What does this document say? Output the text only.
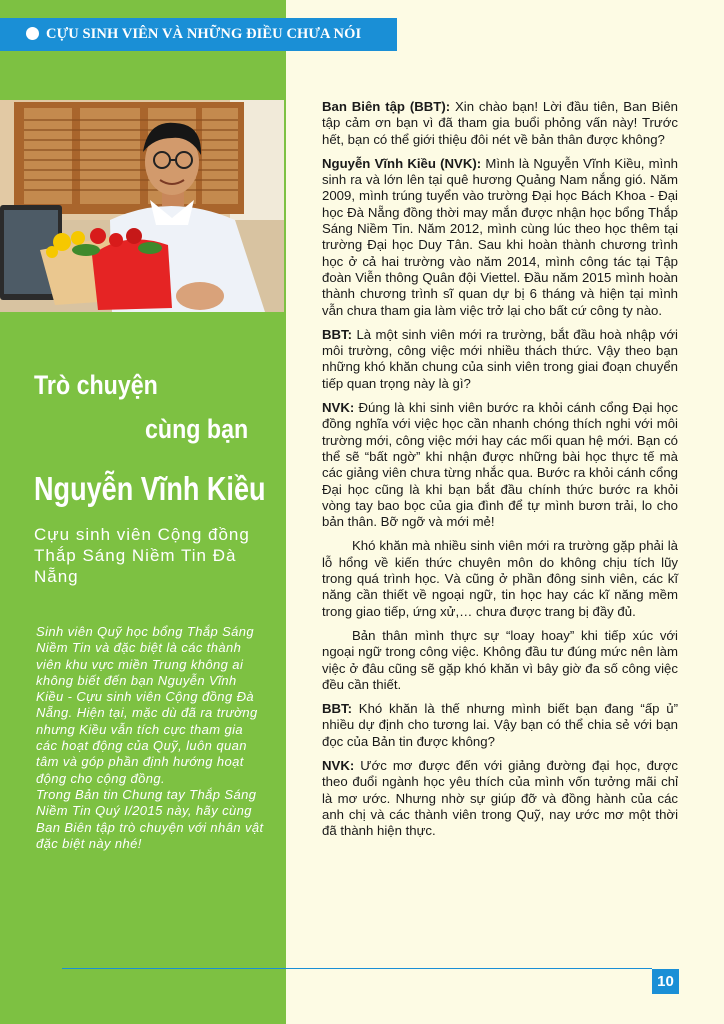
CỰU SINH VIÊN VÀ NHỮNG ĐIỀU CHƯA NÓI
Trò chuyện
cùng bạn
Nguyễn Vĩnh Kiều
Cựu sinh viên Cộng đồng Thắp Sáng Niềm Tin Đà Nẵng

Sinh viên Quỹ học bổng Thắp Sáng Niềm Tin và đặc biệt là các thành viên khu vực miền Trung không ai không biết đến bạn Nguyễn Vĩnh Kiều - Cựu sinh viên Cộng đồng Đà Nẵng. Hiện tại, mặc dù đã ra trường nhưng Kiều vẫn tích cực tham gia các hoạt động của Quỹ, luôn quan tâm và góp phần định hướng hoạt động cho cộng đồng.

Trong Bản tin Chung tay Thắp Sáng Niềm Tin Quý I/2015 này, hãy cùng Ban Biên tập trò chuyện với nhân vật đặc biệt này nhé!

Ban Biên tập (BBT): Xin chào bạn! Lời đầu tiên, Ban Biên tập cảm ơn bạn vì đã tham gia buổi phỏng vấn này! Trước hết, bạn có thể giới thiệu đôi nét về bản thân được không?

Nguyễn Vĩnh Kiều (NVK): Mình là Nguyễn Vĩnh Kiều, mình sinh ra và lớn lên tại quê hương Quảng Nam nắng gió. Năm 2009, mình trúng tuyển vào trường Đại học Bách Khoa - Đại học Đà Nẵng đồng thời may mắn được nhận học bổng Thắp Sáng Niềm Tin. Năm 2012, mình cùng lúc theo học thêm tại trường Đại học Duy Tân. Sau khi hoàn thành chương trình học ở cả hai trường vào năm 2014, mình công tác tại Tập đoàn Viễn thông Quân đội Viettel. Đầu năm 2015 mình hoàn thành chương trình sĩ quan dự bị 6 tháng và hiện tại mình vẫn chưa tham gia làm việc trở lại cho bất cứ công ty nào.

BBT: Là một sinh viên mới ra trường, bắt đầu hoà nhập với môi trường, công việc mới nhiều thách thức. Vậy theo bạn những khó khăn chung của sinh viên trong giai đoạn chuyển tiếp quan trọng này là gì?

NVK: Đúng là khi sinh viên bước ra khỏi cánh cổng Đại học đồng nghĩa với việc học cần nhanh chóng thích nghi với môi trường mới, công việc mới hay các mối quan hệ mới. Bạn có thể sẽ “bất ngờ” khi nhận được những bài học thực tế mà các giảng viên chưa từng nhắc qua. Bước ra khỏi cánh cổng Đại học cũng là khi bạn bắt đầu chính thức bước ra khỏi vòng tay bao bọc của gia đình để tự mình bươn trải, lo cho bản thân. Bỡ ngỡ và mới mẻ!

Khó khăn mà nhiều sinh viên mới ra trường gặp phải là lỗ hổng về kiến thức chuyên môn do không chịu tích lũy trong quá trình học. Và cũng ở phần đông sinh viên, các kĩ năng cần thiết về ngoại ngữ, tin học hay các kĩ năng mềm trong giao tiếp, ứng xử,… chưa được trang bị đầy đủ.

Bản thân mình thực sự “loay hoay” khi tiếp xúc với ngoại ngữ trong công việc. Không đầu tư đúng mức nên làm việc ở đâu cũng sẽ gặp khó khăn vì bây giờ đa số công việc đều cần thiết.

BBT: Khó khăn là thế nhưng mình biết bạn đang “ấp ủ” nhiều dự định cho tương lai. Vậy bạn có thể chia sẻ với bạn đọc của Bản tin được không?

NVK: Ước mơ được đến với giảng đường đại học, được theo đuổi ngành học yêu thích của mình vốn tưởng mãi chỉ là mơ ước. Nhưng nhờ sự giúp đỡ và đồng hành của các anh chị và các thành viên trong Quỹ, nay ước mơ một thời đã thành hiện thực.

10
